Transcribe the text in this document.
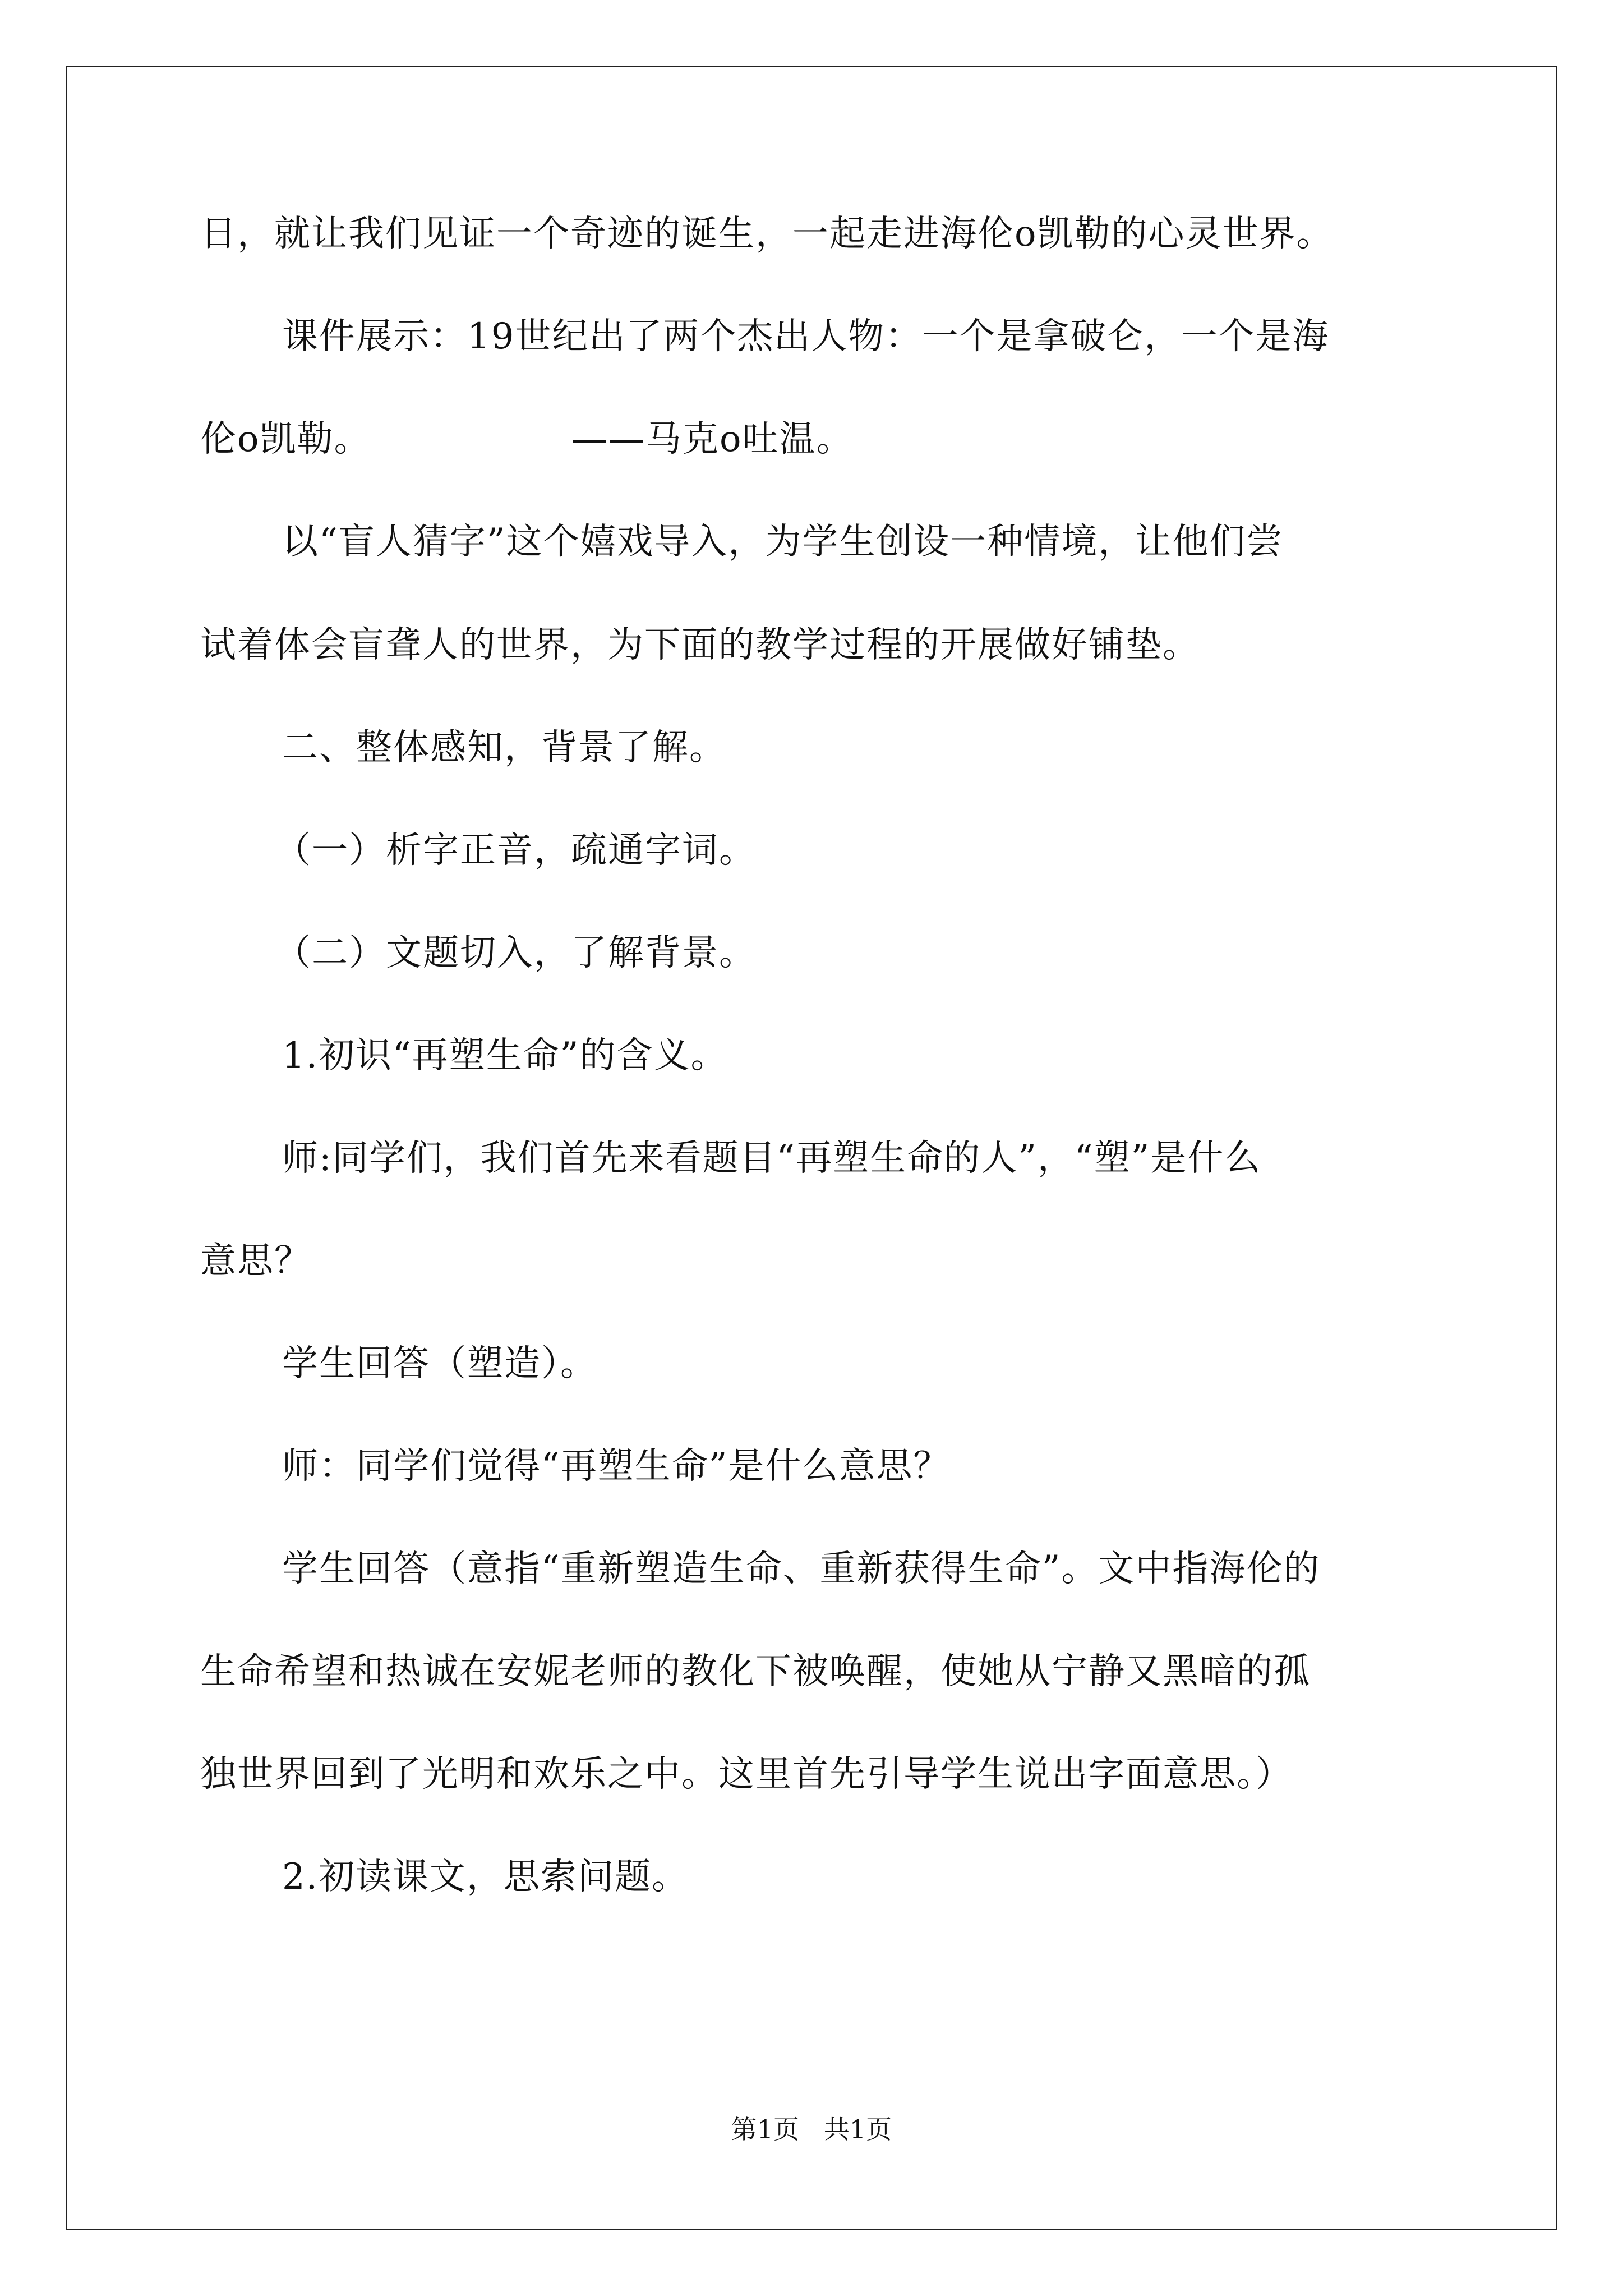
日，就让我们见证一个奇迹的诞生，一起走进海伦ο凯勒的心灵世界。
课件展示：19世纪出了两个杰出人物：一个是拿破仑，一个是海
伦ο凯勒。                ——马克ο吐温。
以“盲人猜字”这个嬉戏导入，为学生创设一种情境，让他们尝
试着体会盲聋人的世界，为下面的教学过程的开展做好铺垫。
二、整体感知，背景了解。
（一）析字正音，疏通字词。
（二）文题切入，了解背景。
1.初识“再塑生命”的含义。
师:同学们，我们首先来看题目“再塑生命的人”，“塑”是什么
意思？
学生回答（塑造）。
师：同学们觉得“再塑生命”是什么意思？
学生回答（意指“重新塑造生命、重新获得生命”。文中指海伦的
生命希望和热诚在安妮老师的教化下被唤醒，使她从宁静又黑暗的孤
独世界回到了光明和欢乐之中。这里首先引导学生说出字面意思。）
2.初读课文，思索问题。
第1页   共1页
